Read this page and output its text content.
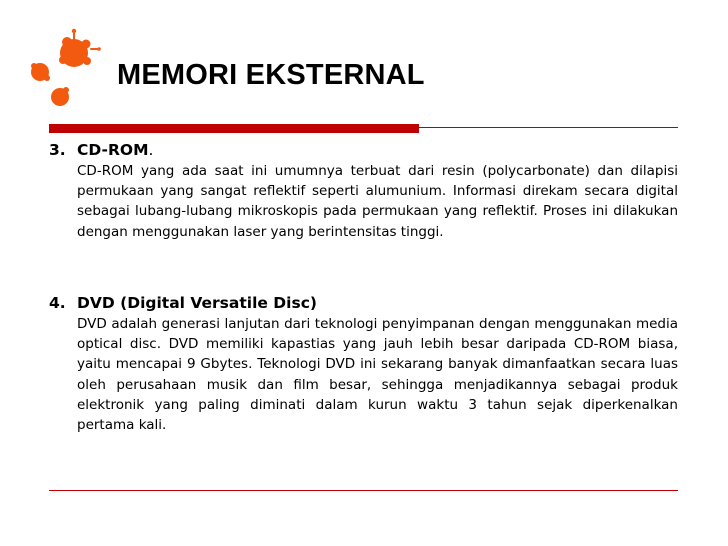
MEMORI EKSTERNAL

3. CD-ROM.

CD-ROM yang ada saat ini umumnya terbuat dari resin (polycarbonate) dan dilapisi permukaan yang sangat reflektif seperti alumunium. Informasi direkam secara digital sebagai lubang-lubang mikroskopis pada permukaan yang reflektif. Proses ini dilakukan dengan menggunakan laser yang berintensitas tinggi.

4. DVD (Digital Versatile Disc)

DVD adalah generasi lanjutan dari teknologi penyimpanan dengan menggunakan media optical disc. DVD memiliki kapastias yang jauh lebih besar daripada CD-ROM biasa, yaitu mencapai 9 Gbytes. Teknologi DVD ini sekarang banyak dimanfaatkan secara luas oleh perusahaan musik dan film besar, sehingga menjadikannya sebagai produk elektronik yang paling diminati dalam kurun waktu 3 tahun sejak diperkenalkan pertama kali.
